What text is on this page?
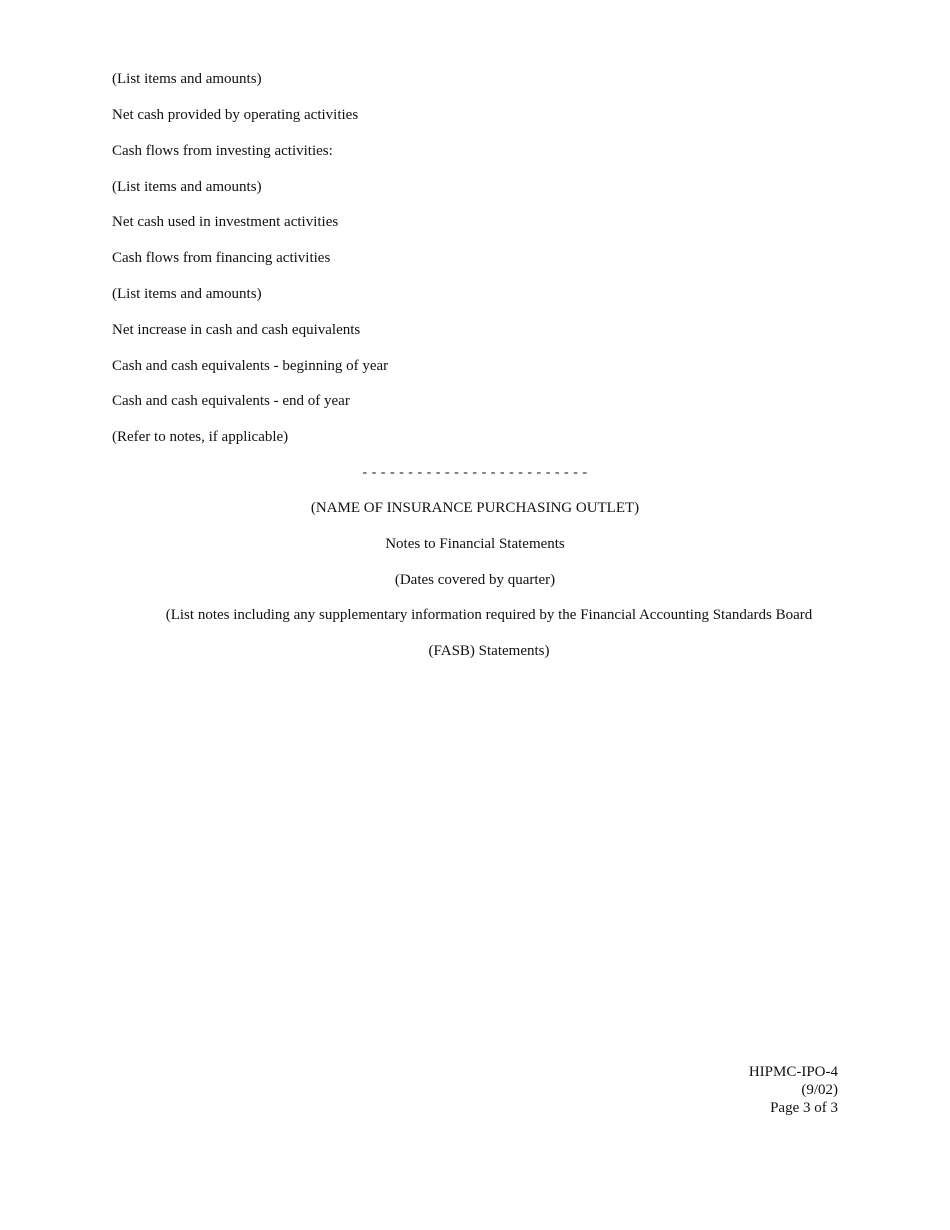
(List items and amounts)
Net cash provided by operating activities
Cash flows from investing activities:
(List items and amounts)
Net cash used in investment activities
Cash flows from financing activities
(List items and amounts)
Net increase in cash and cash equivalents
Cash and cash equivalents - beginning of year
Cash and cash equivalents - end of year
(Refer to notes, if applicable)
- - - - - - - - - - - - - - - - - - - - - - - - -
(NAME OF INSURANCE PURCHASING OUTLET)
Notes to Financial Statements
(Dates covered by quarter)
(List notes including any supplementary information required by the Financial Accounting Standards Board
(FASB) Statements)
HIPMC-IPO-4
(9/02)
Page 3 of 3
